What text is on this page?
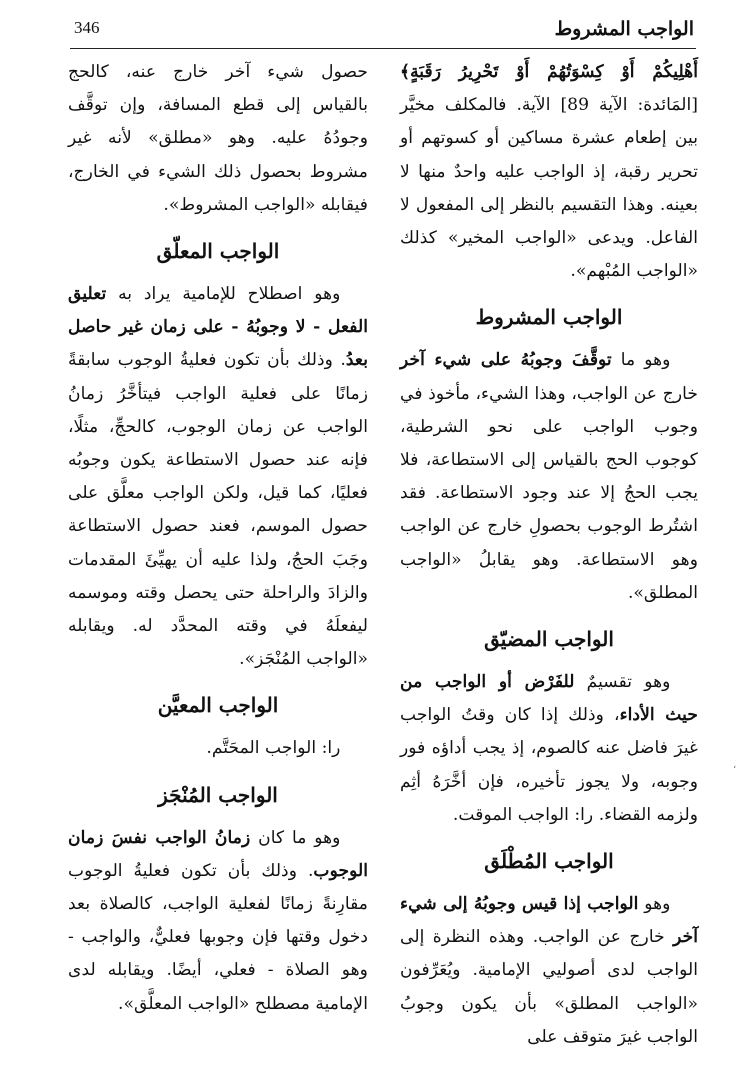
346	الواجب المشروط

أَهْلِيكُمْ أَوْ كِسْوَتُهُمْ أَوْ تَحْرِيرُ رَقَبَةٍ﴾ [المَائدة: الآية 89] الآية. فالمكلف مخيَّر بين إطعام عشرة مساكين أو كسوتهم أو تحرير رقبة، إذ الواجب عليه واحدٌ منها لا بعينه. وهذا التقسيم بالنظر إلى المفعول لا الفاعل. ويدعى «الواجب المخير» كذلك «الواجب المُبْهم».

الواجب المشروط

وهو ما توقَّفَ وجوبُهُ على شيء آخر خارج عن الواجب، وهذا الشيء، مأخوذ في وجوب الواجب على نحو الشرطية، كوجوب الحج بالقياس إلى الاستطاعة، فلا يجب الحجُ إلا عند وجود الاستطاعة. فقد اشتُرط الوجوب بحصولِ خارج عن الواجب وهو الاستطاعة. وهو يقابلُ «الواجب المطلق».

الواجب المضيّق

وهو تقسيمٌ للفَرْض أو الواجب من حيث الأداء، وذلك إذا كان وقتُ الواجب غيرَ فاضل عنه كالصوم، إذ يجب أداؤه فور وجوبه، ولا يجوز تأخيره، فإن أخَّرَهُ أثِم ولزمه القضاء. را: الواجب الموقت.

الواجب المُطْلَق

وهو الواجب إذا قيس وجوبُهُ إلى شيء آخر خارج عن الواجب. وهذه النظرة إلى الواجب لدى أصوليي الإمامية. ويُعَرِّفون «الواجب المطلق» بأن يكون وجوبُ الواجب غيرَ متوقف على

حصول شيء آخر خارج عنه، كالحج بالقياس إلى قطع المسافة، وإن توقَّف وجودُهُ عليه. وهو «مطلق» لأنه غير مشروط بحصول ذلك الشيء في الخارج، فيقابله «الواجب المشروط».

الواجب المعلّق

وهو اصطلاح للإمامية يراد به تعليق الفعل - لا وجوبُهُ - على زمان غير حاصل بعدُ. وذلك بأن تكون فعليةُ الوجوب سابقةً زمانًا على فعلية الواجب فيتأخَّرُ زمانُ الواجب عن زمان الوجوب، كالحجِّ، مثلًا، فإنه عند حصول الاستطاعة يكون وجوبُه فعليًا، كما قيل، ولكن الواجب معلَّق على حصول الموسم، فعند حصول الاستطاعة وجَبَ الحجُ، ولذا عليه أن يهيِّئَ المقدمات والزادَ والراحلة حتى يحصل وقته وموسمه ليفعلَهُ في وقته المحدَّد له. ويقابله «الواجب المُنْجَز».

الواجب المعيَّن

را: الواجب المحَتَّم.

الواجب المُنْجَز

وهو ما كان زمانُ الواجب نفسَ زمان الوجوب. وذلك بأن تكون فعليةُ الوجوب مقارِنةً زمانًا لفعلية الواجب، كالصلاة بعد دخول وقتها فإن وجوبها فعليٌّ، والواجب - وهو الصلاة - فعلي، أيضًا. ويقابله لدى الإمامية مصطلح «الواجب المعلَّق».

،
